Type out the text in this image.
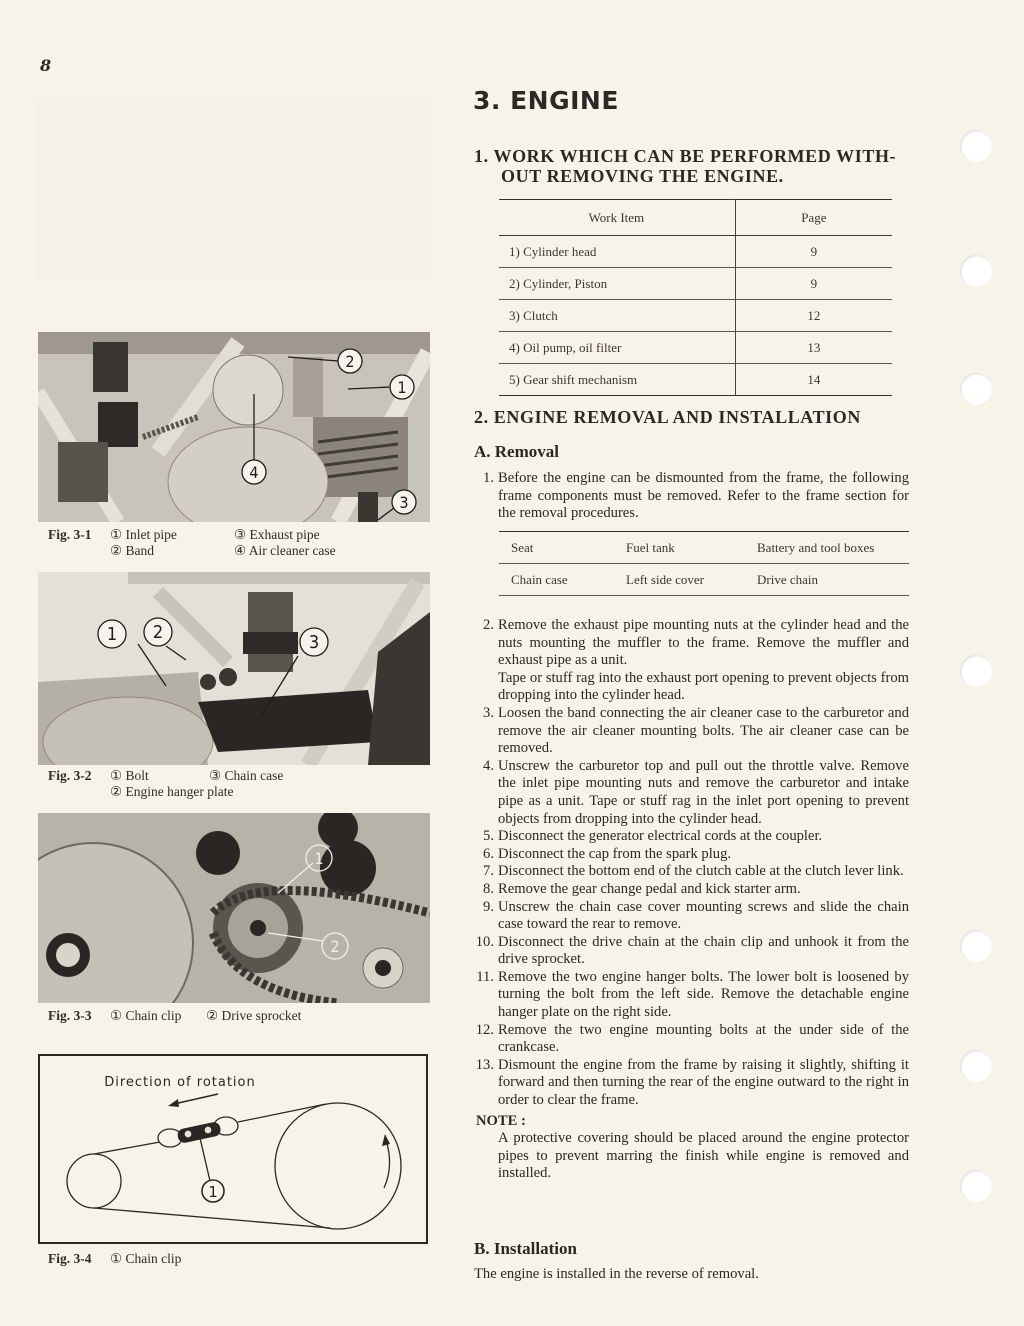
8
1
2
3
4
Fig. 3-1 ① Inlet pipe	③ Exhaust pipe
② Band	④ Air cleaner case
1 2	3
Fig. 3-2 ① Bolt	③ Chain case
② Engine hanger plate
1
2
Fig. 3-3 ① Chain clip ② Drive sprocket
Direction of rotation
1
Fig. 3-4 ① Chain clip
3. ENGINE
1. WORK WHICH CAN BE PERFORMED WITH-
OUT REMOVING THE ENGINE.
Work Item	Page
1) Cylinder head	9
2) Cylinder, Piston	9
3) Clutch	12
4) Oil pump, oil filter	13
5) Gear shift mechanism	14
2. ENGINE REMOVAL AND INSTALLATION
A. Removal
1. Before the engine can be dismounted from the frame, the following frame components must be removed. Refer to the frame section for the removal procedures.
Seat	Fuel tank	Battery and tool boxes
Chain case	Left side cover	Drive chain
2. Remove the exhaust pipe mounting nuts at the cylinder head and the nuts mounting the muffler to the frame. Remove the muffler and exhaust pipe as a unit.
Tape or stuff rag into the exhaust port opening to prevent objects from dropping into the cylinder head.
3. Loosen the band connecting the air cleaner case to the carburetor and remove the air cleaner mounting bolts. The air cleaner case can be removed.
4. Unscrew the carburetor top and pull out the throttle valve. Remove the inlet pipe mounting nuts and remove the carburetor and intake pipe as a unit. Tape or stuff rag in the inlet port opening to prevent objects from dropping into the cylinder head.
5. Disconnect the generator electrical cords at the coupler.
6. Disconnect the cap from the spark plug.
7. Disconnect the bottom end of the clutch cable at the clutch lever link.
8. Remove the gear change pedal and kick starter arm.
9. Unscrew the chain case cover mounting screws and slide the chain case toward the rear to remove.
10. Disconnect the drive chain at the chain clip and unhook it from the drive sprocket.
11. Remove the two engine hanger bolts. The lower bolt is loosened by turning the bolt from the left side. Remove the detachable engine hanger plate on the right side.
12. Remove the two engine mounting bolts at the under side of the crankcase.
13. Dismount the engine from the frame by raising it slightly, shifting it forward and then turning the rear of the engine outward to the right in order to clear the frame.
NOTE :
A protective covering should be placed around the engine protector pipes to prevent marring the finish while engine is removed and installed.
B. Installation
The engine is installed in the reverse of removal.
